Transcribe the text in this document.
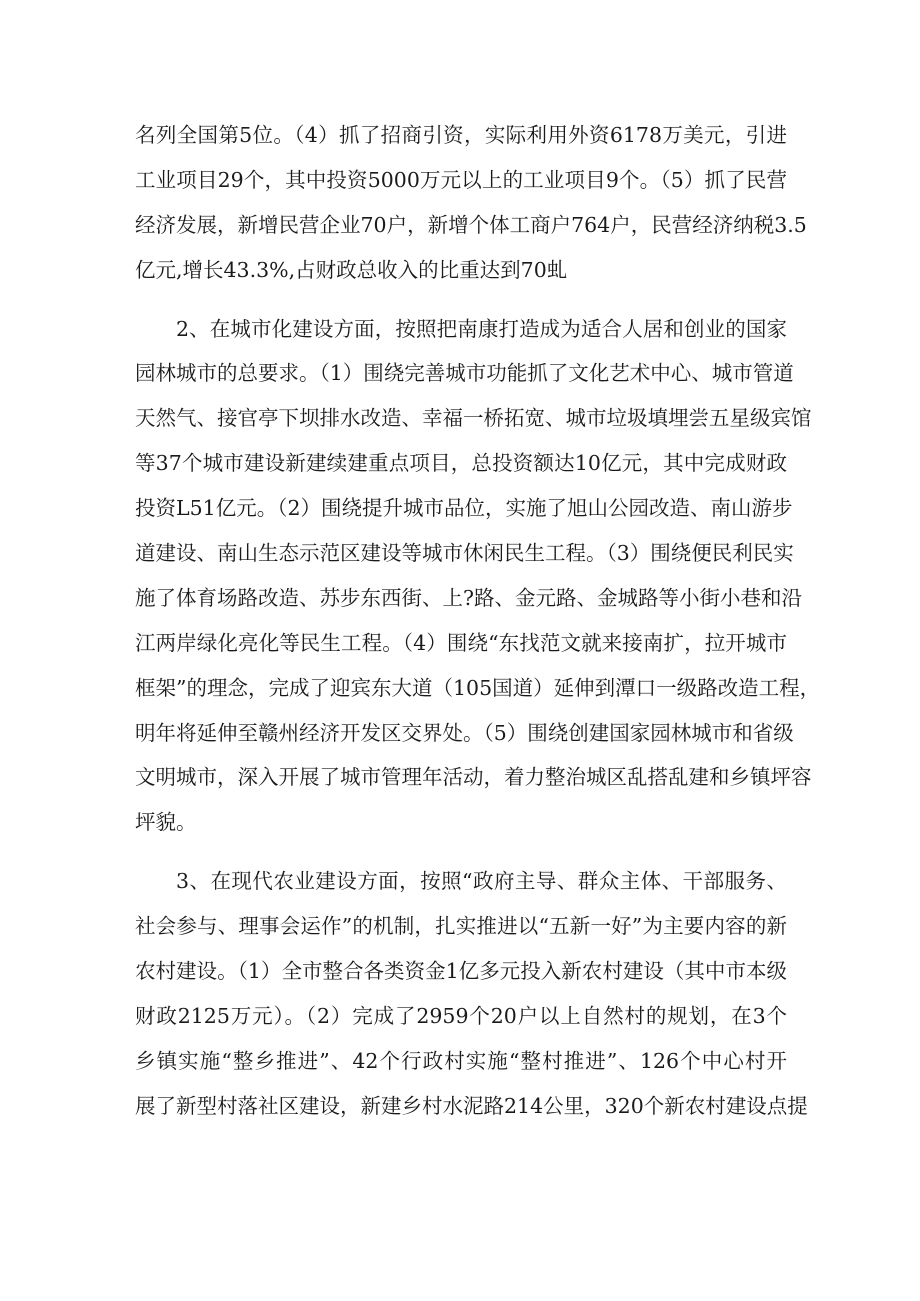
名列全国第5位。（4）抓了招商引资，实际利用外资6178万美元，引进
工业项目29个，其中投资5000万元以上的工业项目9个。（5）抓了民营
经济发展，新增民营企业70户，新增个体工商户764户，民营经济纳税3.5
亿元,增长43.3%,占财政总收入的比重达到70虬
2、在城市化建设方面，按照把南康打造成为适合人居和创业的国家
园林城市的总要求。（1）围绕完善城市功能抓了文化艺术中心、城市管道
天然气、接官亭下坝排水改造、幸福一桥拓宽、城市垃圾填埋尝五星级宾馆
等37个城市建设新建续建重点项目，总投资额达10亿元，其中完成财政
投资L51亿元。（2）围绕提升城市品位，实施了旭山公园改造、南山游步
道建设、南山生态示范区建设等城市休闲民生工程。（3）围绕便民利民实
施了体育场路改造、苏步东西街、上?路、金元路、金城路等小街小巷和沿
江两岸绿化亮化等民生工程。（4）围绕“东找范文就来接南扩，拉开城市
框架”的理念，完成了迎宾东大道（105国道）延伸到潭口一级路改造工程，
明年将延伸至赣州经济开发区交界处。（5）围绕创建国家园林城市和省级
文明城市，深入开展了城市管理年活动，着力整治城区乱搭乱建和乡镇坪容
坪貌。
3、在现代农业建设方面，按照“政府主导、群众主体、干部服务、
社会参与、理事会运作”的机制，扎实推进以“五新一好”为主要内容的新
农村建设。（1）全市整合各类资金1亿多元投入新农村建设（其中市本级
财政2125万元）。（2）完成了2959个20户以上自然村的规划，在3个
乡镇实施“整乡推进”、42个行政村实施“整村推进”、126个中心村开
展了新型村落社区建设，新建乡村水泥路214公里，320个新农村建设点提
